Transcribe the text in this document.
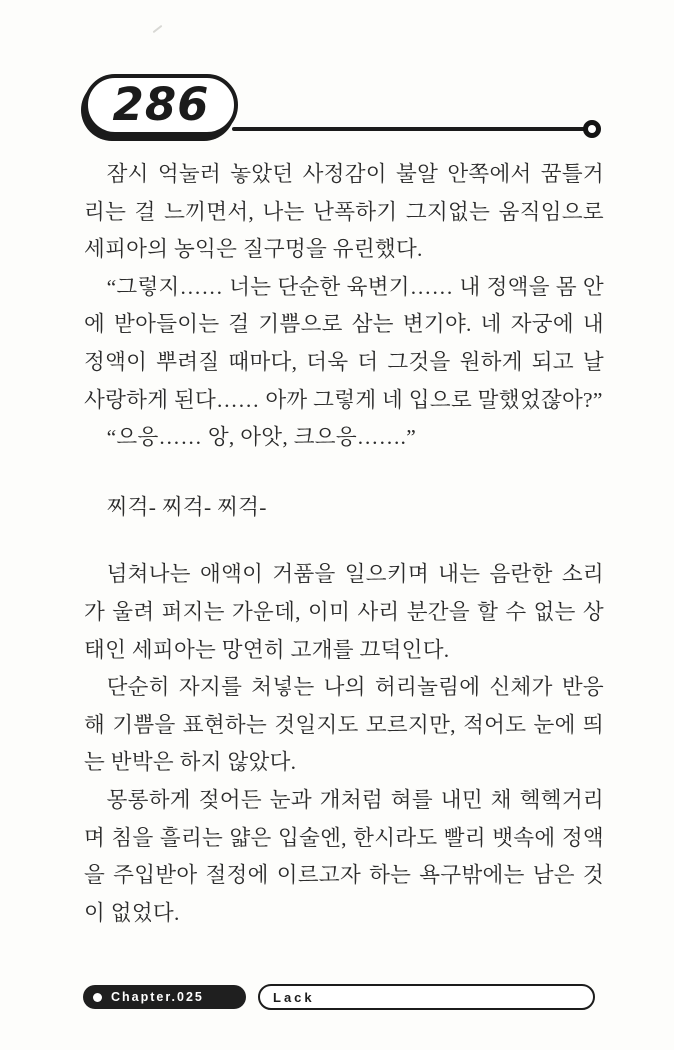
286

잠시 억눌러 놓았던 사정감이 불알 안쪽에서 꿈틀거리는 걸 느끼면서, 나는 난폭하기 그지없는 움직임으로 세피아의 농익은 질구멍을 유린했다.

“그렇지…… 너는 단순한 육변기…… 내 정액을 몸 안에 받아들이는 걸 기쁨으로 삼는 변기야. 네 자궁에 내 정액이 뿌려질 때마다, 더욱 더 그것을 원하게 되고 날 사랑하게 된다…… 아까 그렇게 네 입으로 말했었잖아?”

“으응…… 앙, 아앗, 크으응…….”

찌걱- 찌걱- 찌걱-

넘쳐나는 애액이 거품을 일으키며 내는 음란한 소리가 울려 퍼지는 가운데, 이미 사리 분간을 할 수 없는 상태인 세피아는 망연히 고개를 끄덕인다.

단순히 자지를 처넣는 나의 허리놀림에 신체가 반응해 기쁨을 표현하는 것일지도 모르지만, 적어도 눈에 띄는 반박은 하지 않았다.

몽롱하게 젖어든 눈과 개처럼 혀를 내민 채 헥헥거리며 침을 흘리는 얇은 입술엔, 한시라도 빨리 뱃속에 정액을 주입받아 절정에 이르고자 하는 욕구밖에는 남은 것이 없었다.

Chapter.025	Lack
